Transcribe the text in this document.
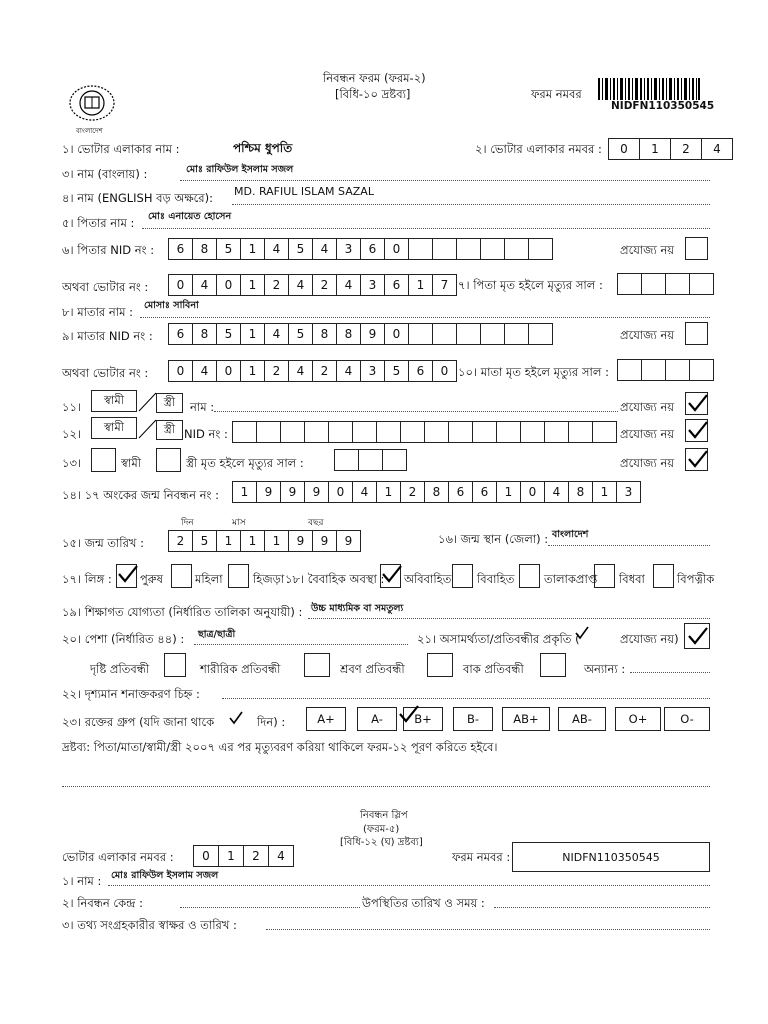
বাংলাদেশ
নিবন্ধন ফরম (ফরম-২)
[বিধি-১০ দ্রষ্টব্য]	ফরম নমবর
NIDFN110350545
১। ভোটার এলাকার নাম :	পশ্চিম ধুপতি	২। ভোটার এলাকার নমবর :	0	1	2	4
৩। নাম (বাংলায়) :	মোঃ রাফিউল ইসলাম সজল
৪। নাম (ENGLISH বড় অক্ষরে): MD. RAFIUL ISLAM SAZAL
৫। পিতার নাম : মোঃ এনায়েত হোসেন
৬। পিতার NID নং :	6	8	5	1	4	5	4	3	6	0	প্রযোজ্য নয়
অথবা ভোটার নং :	0	4	0	1	2	4	2	4	3	6	1	7 ৭। পিতা মৃত হইলে মৃত্যুর সাল :
৮। মাতার নাম : মোসাঃ সাবিনা
৯। মাতার NID নং :	6	8	5	1	4	5	8	8	9	0	প্রযোজ্য নয়
অথবা ভোটার নং :	0	4	0	1	2	4	2	4	3	5	6	0 ১০। মাতা মৃত হইলে মৃত্যুর সাল :
১১।
স্বামী	স্ত্রী	নাম :	প্রযোজ্য নয়
১২।
স্বামী	স্ত্রী NID নং :	প্রযোজ্য নয়
১৩।	স্বামী	স্ত্রী মৃত হইলে মৃত্যুর সাল :	প্রযোজ্য নয়
১৪। ১৭ অংকের জন্ম নিবন্ধন নং :	1	9	9	9	0	4	1	2	8	6	6	1	0	4	8	1	3
দিন	মাস	বছর
১৫। জন্ম তারিখ :	2	5	1	1	1	9	9	9	১৬। জন্ম স্থান (জেলা) : বাংলাদেশ
১৭। লিঙ্গ : পুরুষ	মহিলা	হিজড়া ১৮। বৈবাহিক অবস্থা : অবিবাহিত বিবাহিত	তালাকপ্রাপ্ত বিধবা	বিপত্নীক
১৯। শিক্ষাগত যোগ্যতা (নির্ধারিত তালিকা অনুযায়ী) : উচ্চ মাধ্যমিক বা সমতুল্য
২০। পেশা (নির্ধারিত ৪৪) : ছাত্র/ছাত্রী	২১। অসামর্থ্যতা/প্রতিবন্ধীর প্রকৃতি (	প্রযোজ্য নয়)
দৃষ্টি প্রতিবন্ধী	শারীরিক প্রতিবন্ধী	শ্রবণ প্রতিবন্ধী	বাক প্রতিবন্ধী	অন্যান্য :
২২। দৃশ্যমান শনাক্তকরণ চিহ্ন :
২৩। রক্তের গ্রুপ (যদি জানা থাকে	দিন) :	A+	A-	B+	B-	AB+	AB-	O+	O-
দ্রষ্টব্য: পিতা/মাতা/স্বামী/স্ত্রী ২০০৭ এর পর মৃত্যুবরণ করিয়া থাকিলে ফরম-১২ পূরণ করিতে হইবে।
নিবন্ধন স্লিপ
(ফরম-৫)
[বিধি-১২ (ঘ) দ্রষ্টব্য]
ভোটার এলাকার নমবর :	0	1	2	4	ফরম নমবর :	NIDFN110350545
১। নাম : মোঃ রাফিউল ইসলাম সজল
২। নিবন্ধন কেন্দ্র :	উপস্থিতির তারিখ ও সময় :
৩। তথ্য সংগ্রহকারীর স্বাক্ষর ও তারিখ :
